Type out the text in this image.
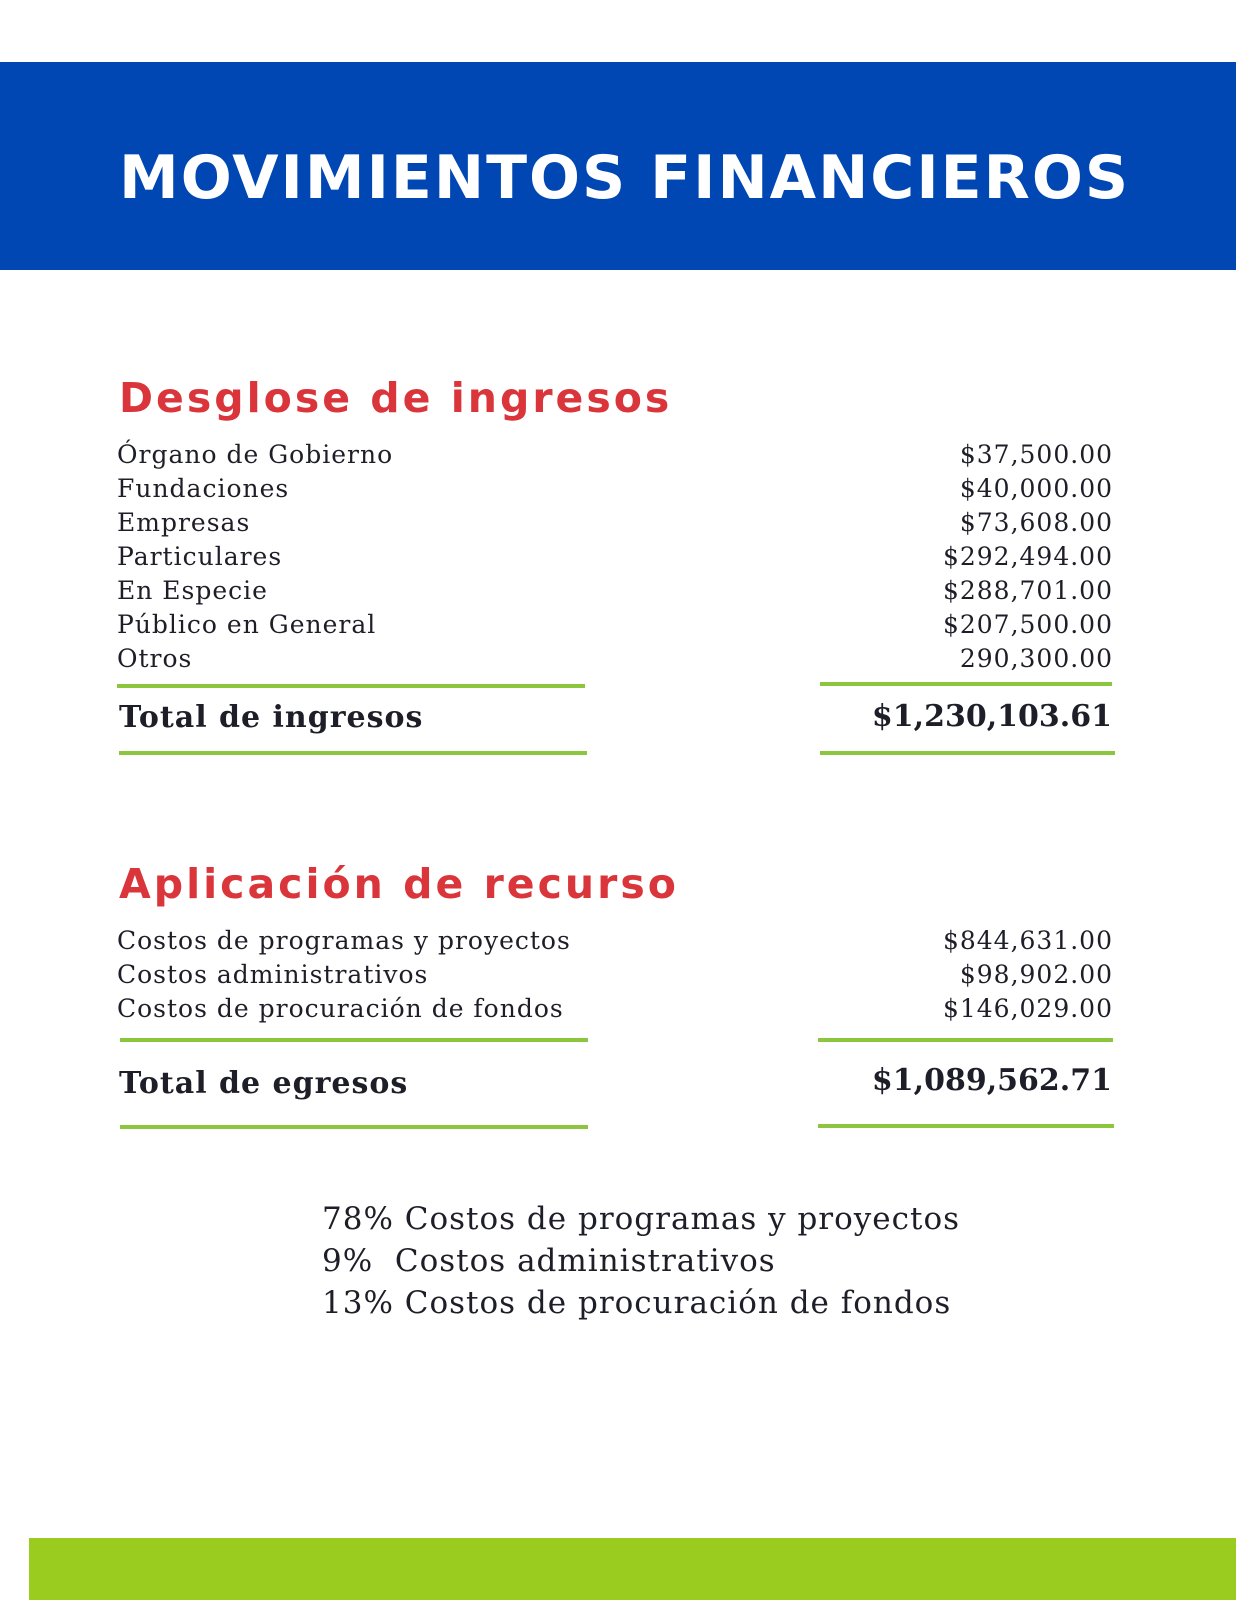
MOVIMIENTOS FINANCIEROS
Desglose de ingresos
Órgano de Gobierno	$37,500.00
Fundaciones	$40,000.00
Empresas	$73,608.00
Particulares	$292,494.00
En Especie	$288,701.00
Público en General	$207,500.00
Otros	290,300.00

Total de ingresos	$1,230,103.61

Aplicación de recurso
Costos de programas y proyectos	$844,631.00
Costos administrativos	$98,902.00
Costos de procuración de fondos	$146,029.00

Total de egresos	$1,089,562.71

78% Costos de programas y proyectos
9%  Costos administrativos
13% Costos de procuración de fondos
